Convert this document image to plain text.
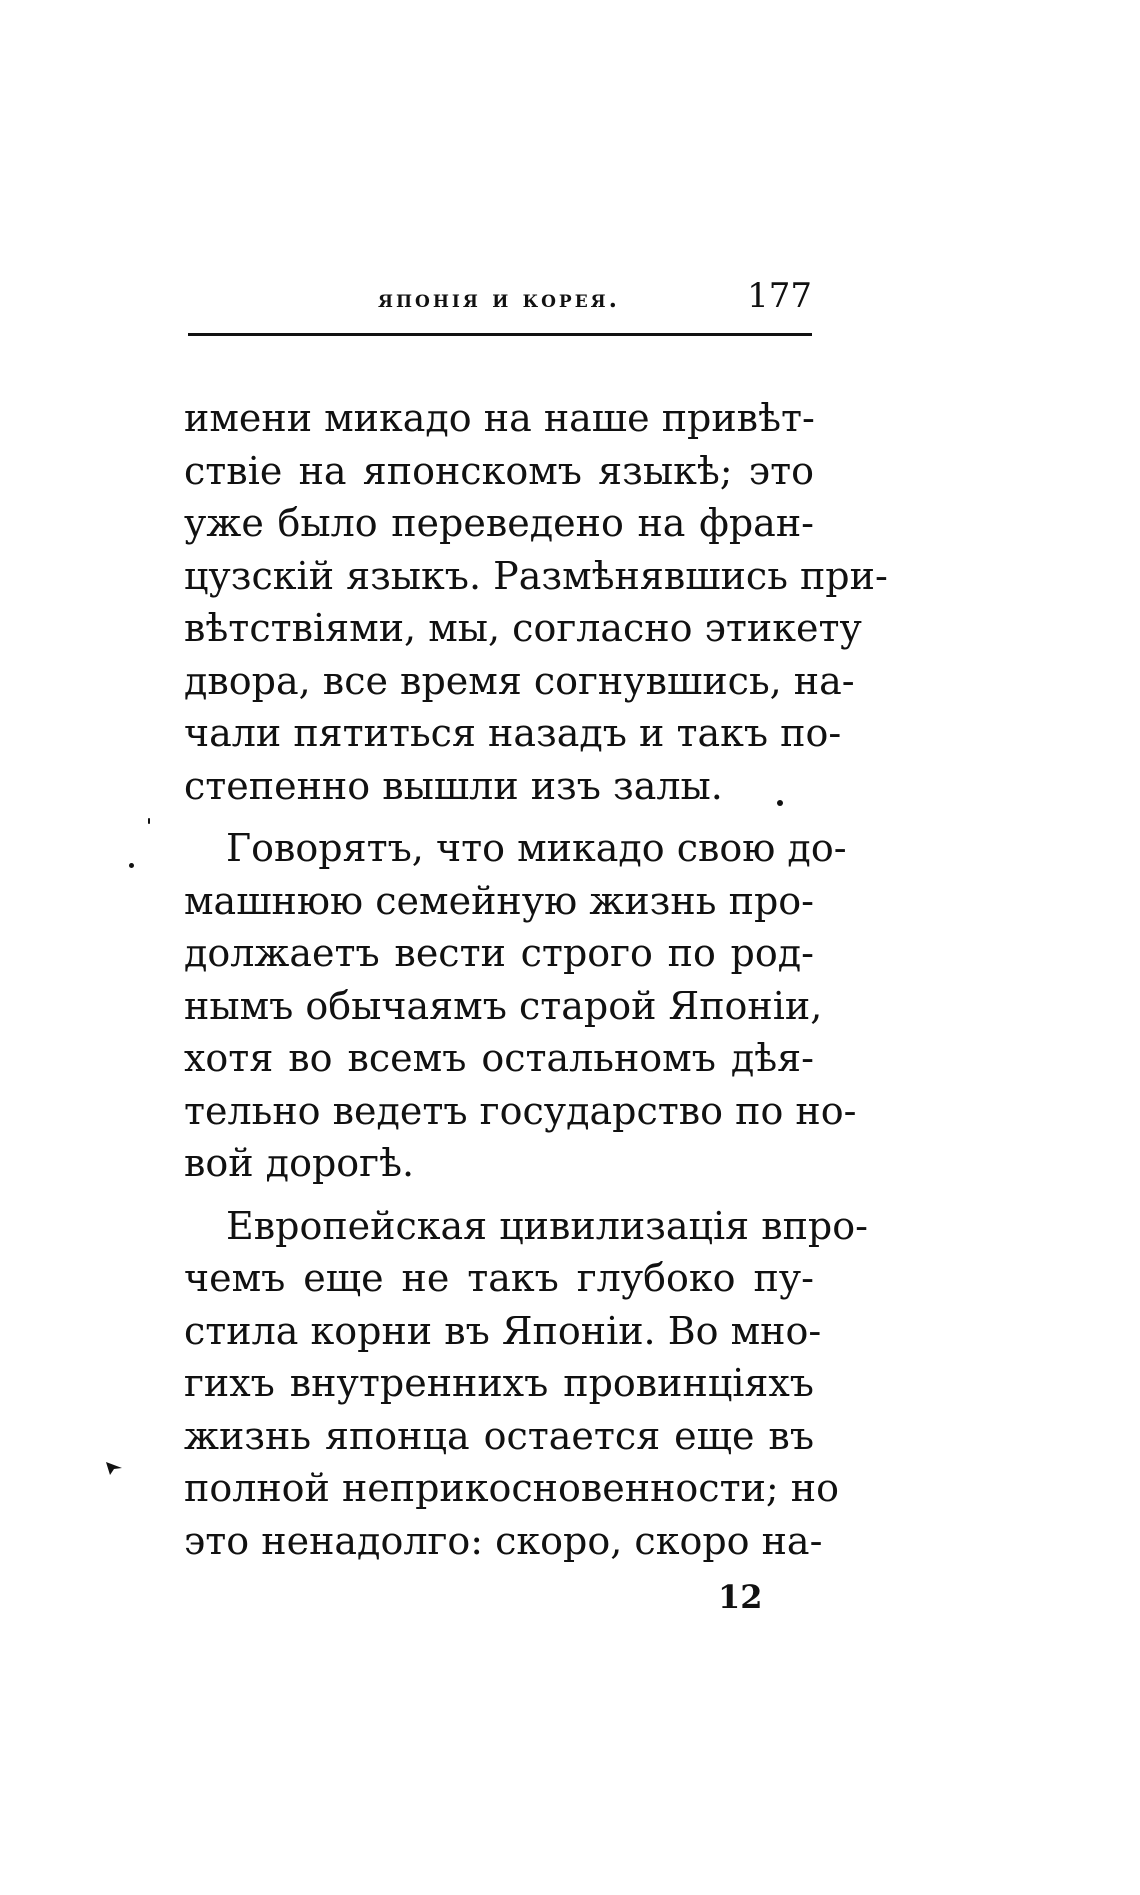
японія и корея.	177
имени микадо на наше привѣт-
ствіе на японскомъ языкѣ; это
уже было переведено на фран-
цузскій языкъ. Размѣнявшись при-
вѣтствіями, мы, согласно этикету
двора, все время согнувшись, на-
чали пятиться назадъ и такъ по-
степенно вышли изъ залы.
Говорятъ, что микадо свою до-
машнюю семейную жизнь про-
должаетъ вести строго по род-
нымъ обычаямъ старой Японіи,
хотя во всемъ остальномъ дѣя-
тельно ведетъ государство по но-
вой дорогѣ.
Европейская цивилизація впро-
чемъ еще не такъ глубоко пу-
стила корни въ Японіи. Во мно-
гихъ внутреннихъ провинціяхъ
жизнь японца остается еще въ
полной неприкосновенности; но
это ненадолго: скоро, скоро на-
12
